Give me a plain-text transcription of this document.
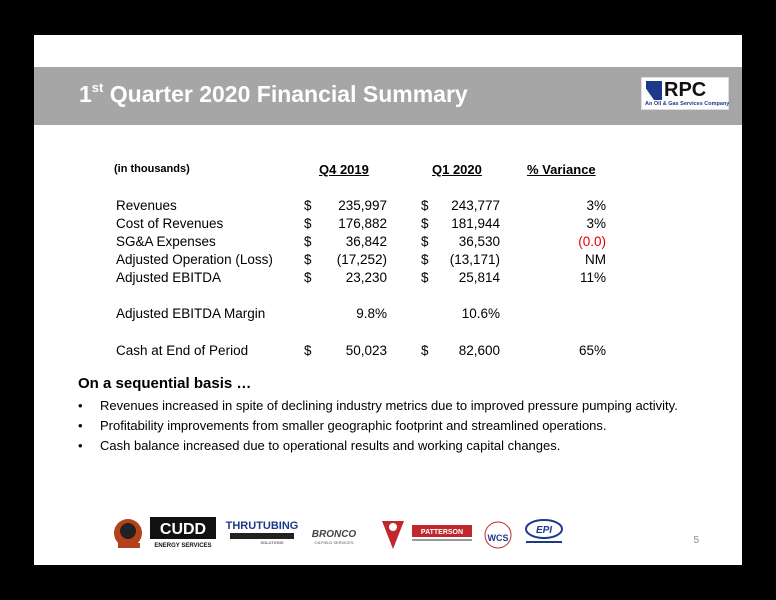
1st Quarter 2020 Financial Summary	RPC
An Oil & Gas Services Company
(in thousands)	Q4 2019	Q1 2020	% Variance
Revenues	$ 235,997	$ 243,777	3%
Cost of Revenues	$ 176,882	$ 181,944	3%
SG&A Expenses	$	36,842	$ 36,530	(0.0)
Adjusted Operation (Loss) $ (17,252)	$ (13,171)	NM
Adjusted EBITDA	$	23,230	$ 25,814	11%
Adjusted EBITDA Margin	9.8%	10.6%
Cash at End of Period	$	50,023	$ 82,600	65%
On a sequential basis …
• Revenues increased in spite of declining industry metrics due to improved pressure pumping activity.
• Profitability improvements from smaller geographic footprint and streamlined operations.
• Cash balance increased due to operational results and working capital changes.
CUDD
ENERGY SERVICES
THRUTUBING
SOLUTIONS
BRONCO
OILFIELD SERVICES
PATTERSON
WCS
EPI
5
